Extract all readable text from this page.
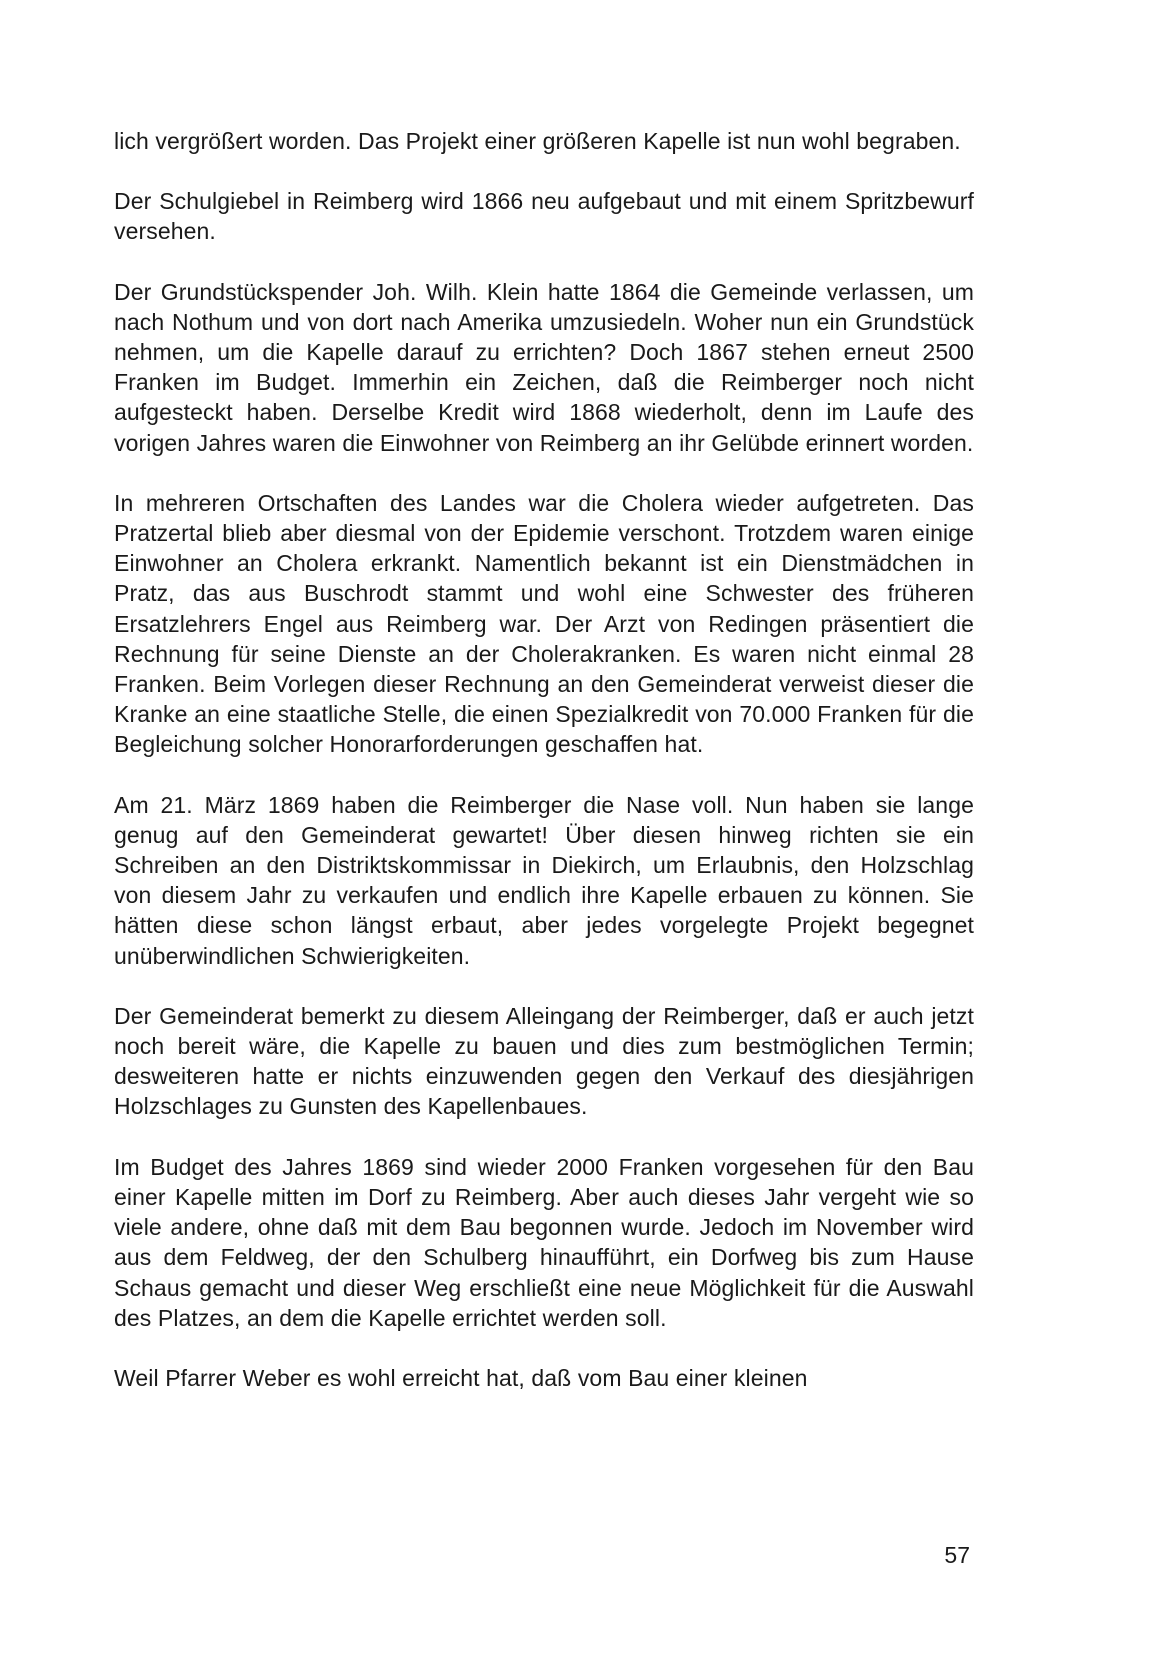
lich vergrößert worden. Das Projekt einer größeren Kapelle ist nun wohl begraben.

Der Schulgiebel in Reimberg wird 1866 neu aufgebaut und mit einem Spritzbewurf versehen.

Der Grundstückspender Joh. Wilh. Klein hatte 1864 die Gemeinde verlassen, um nach Nothum und von dort nach Amerika umzusiedeln. Woher nun ein Grundstück nehmen, um die Kapelle darauf zu errichten? Doch 1867 stehen erneut 2500 Franken im Budget. Immerhin ein Zeichen, daß die Reimberger noch nicht aufgesteckt haben. Derselbe Kredit wird 1868 wiederholt, denn im Laufe des vorigen Jahres waren die Einwohner von Reimberg an ihr Gelübde erinnert worden.

In mehreren Ortschaften des Landes war die Cholera wieder aufgetreten. Das Pratzertal blieb aber diesmal von der Epidemie verschont. Trotzdem waren einige Einwohner an Cholera erkrankt. Namentlich bekannt ist ein Dienstmädchen in Pratz, das aus Buschrodt stammt und wohl eine Schwester des früheren Ersatzlehrers Engel aus Reimberg war. Der Arzt von Redingen präsentiert die Rechnung für seine Dienste an der Cholerakranken. Es waren nicht einmal 28 Franken. Beim Vorlegen dieser Rechnung an den Gemeinderat verweist dieser die Kranke an eine staatliche Stelle, die einen Spezialkredit von 70.000 Franken für die Begleichung solcher Honorarforderungen geschaffen hat.

Am 21. März 1869 haben die Reimberger die Nase voll. Nun haben sie lange genug auf den Gemeinderat gewartet! Über diesen hinweg richten sie ein Schreiben an den Distriktskommissar in Diekirch, um Erlaubnis, den Holzschlag von diesem Jahr zu verkaufen und endlich ihre Kapelle erbauen zu können. Sie hätten diese schon längst erbaut, aber jedes vorgelegte Projekt begegnet unüberwindlichen Schwierigkeiten.

Der Gemeinderat bemerkt zu diesem Alleingang der Reimberger, daß er auch jetzt noch bereit wäre, die Kapelle zu bauen und dies zum bestmöglichen Termin; desweiteren hatte er nichts einzuwenden gegen den Verkauf des diesjährigen Holzschlages zu Gunsten des Kapellenbaues.

Im Budget des Jahres 1869 sind wieder 2000 Franken vorgesehen für den Bau einer Kapelle mitten im Dorf zu Reimberg. Aber auch dieses Jahr vergeht wie so viele andere, ohne daß mit dem Bau begonnen wurde. Jedoch im November wird aus dem Feldweg, der den Schulberg hinaufführt, ein Dorfweg bis zum Hause Schaus gemacht und dieser Weg erschließt eine neue Möglichkeit für die Auswahl des Platzes, an dem die Kapelle errichtet werden soll.

Weil Pfarrer Weber es wohl erreicht hat, daß vom Bau einer kleinen

57
